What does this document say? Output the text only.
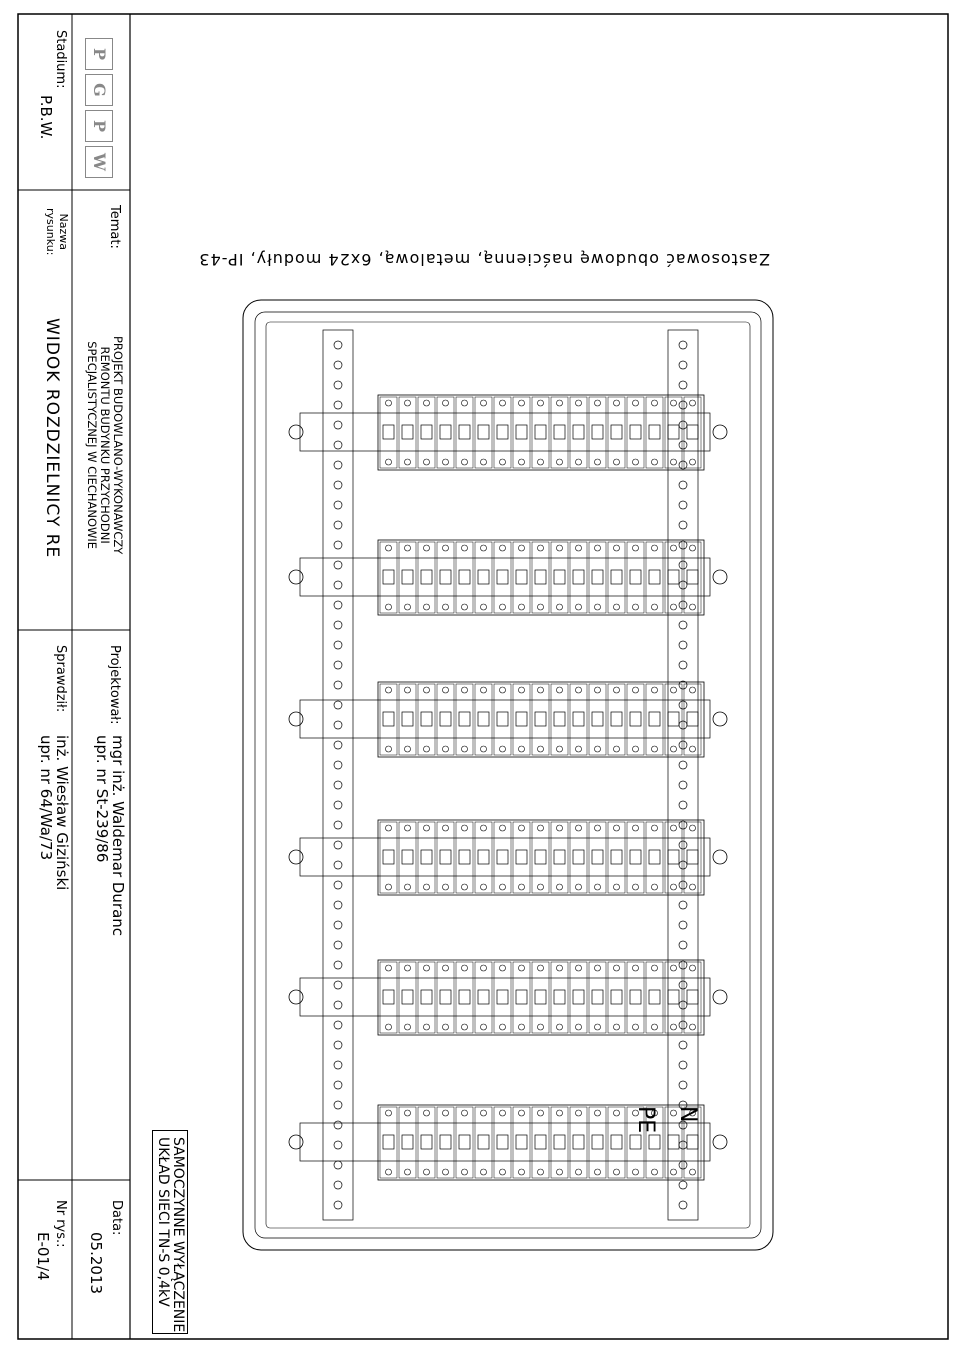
Stadium:
P.B.W.
P
G
P
W
Temat:
Nazwa
rysunku:
PROJEKT BUDOWLANO-WYKONAWCZY
REMONTU BUDYNKU PRZYCHODNI
SPECJALISTYCZNEJ W CIECHANOWIE
WIDOK ROZDZIELNICY RE
Projektował:
Sprawdził:
mgr inż. Waldemar Duranc
upr. nr St-239/86
inż. Wiesław Giziński
upr. nr 64/Wa/73
Data:
05.2013
Nr rys.:
E-01/4
Zastosować obudowę naścienną, metalową, 6x24 moduły, IP-43
SAMOCZYNNE WYŁĄCZENIE
UKŁAD SIECI TN-S 0,4kV
PE N
